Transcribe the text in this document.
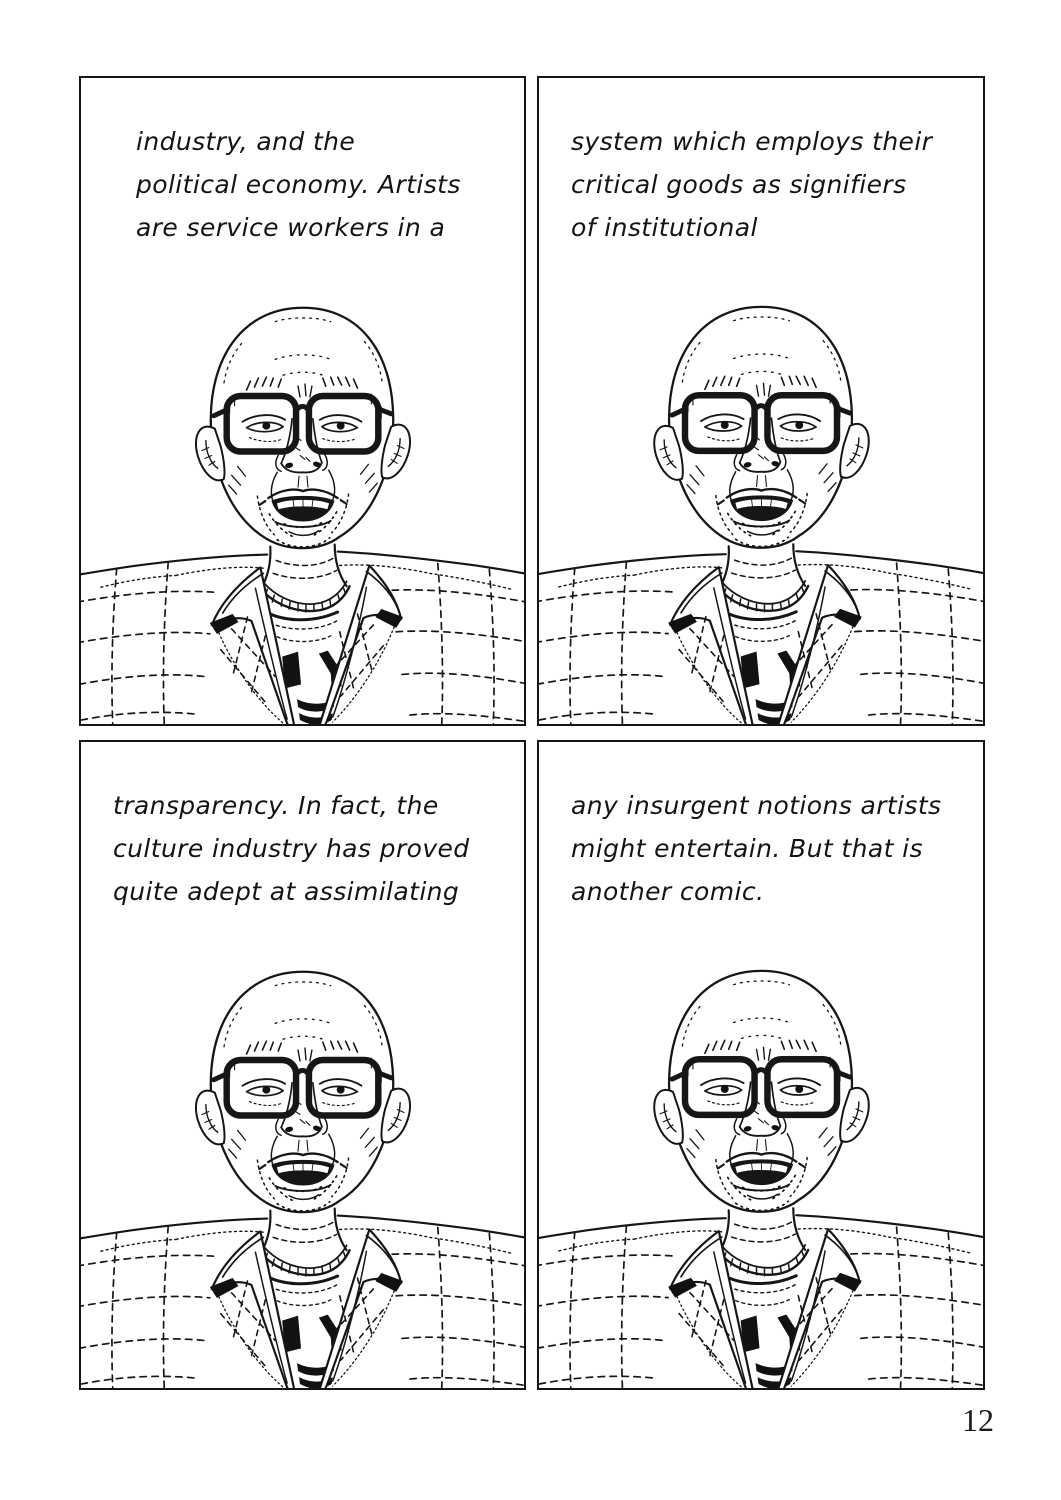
industry, and the
political economy. Artists
are service workers in a
system which employs their
critical goods as signifiers
of institutional
transparency. In fact, the
culture industry has proved
quite adept at assimilating
any insurgent notions artists
might entertain. But that is
another comic.
12
